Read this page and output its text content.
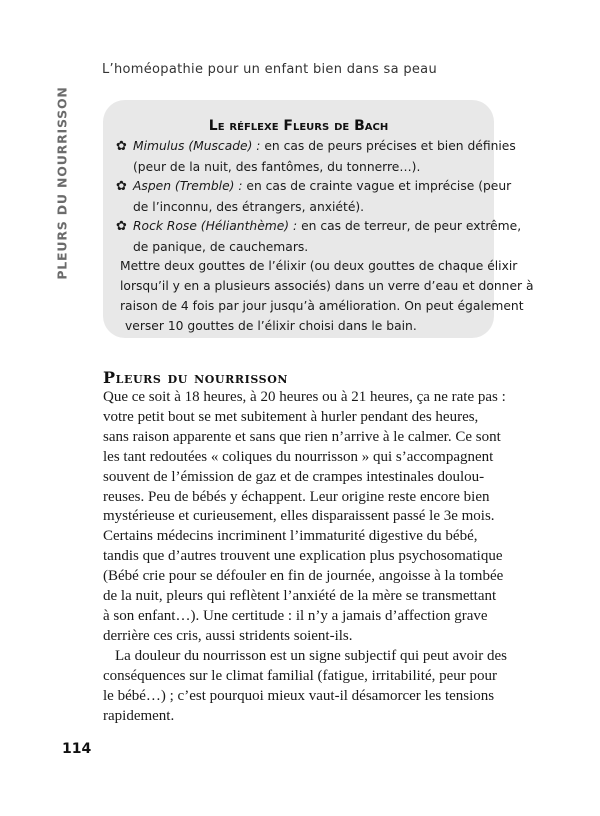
L’homéopathie pour un enfant bien dans sa peau
PLEURS DU NOURRISSON	Le réflexe Fleurs de Bach
✿ Mimulus (Muscade) : en cas de peurs précises et bien définies
(peur de la nuit, des fantômes, du tonnerre…).
✿ Aspen (Tremble) : en cas de crainte vague et imprécise (peur
de l’inconnu, des étrangers, anxiété).
✿ Rock Rose (Hélianthème) : en cas de terreur, de peur extrême,
de panique, de cauchemars.
Mettre deux gouttes de l’élixir (ou deux gouttes de chaque élixir
lorsqu’il y en a plusieurs associés) dans un verre d’eau et donner à
raison de 4 fois par jour jusqu’à amélioration. On peut également
verser 10 gouttes de l’élixir choisi dans le bain.
Pleurs du nourrisson
Que ce soit à 18 heures, à 20 heures ou à 21 heures, ça ne rate pas :
votre petit bout se met subitement à hurler pendant des heures,
sans raison apparente et sans que rien n’arrive à le calmer. Ce sont
les tant redoutées « coliques du nourrisson » qui s’accompagnent
souvent de l’émission de gaz et de crampes intestinales doulou-
reuses. Peu de bébés y échappent. Leur origine reste encore bien
mystérieuse et curieusement, elles disparaissent passé le 3e mois.
Certains médecins incriminent l’immaturité digestive du bébé,
tandis que d’autres trouvent une explication plus psychosomatique
(Bébé crie pour se défouler en fin de journée, angoisse à la tombée
de la nuit, pleurs qui reflètent l’anxiété de la mère se transmettant
à son enfant…). Une certitude : il n’y a jamais d’affection grave
derrière ces cris, aussi stridents soient-ils.
La douleur du nourrisson est un signe subjectif qui peut avoir des
conséquences sur le climat familial (fatigue, irritabilité, peur pour
le bébé…) ; c’est pourquoi mieux vaut-il désamorcer les tensions
rapidement.
114
